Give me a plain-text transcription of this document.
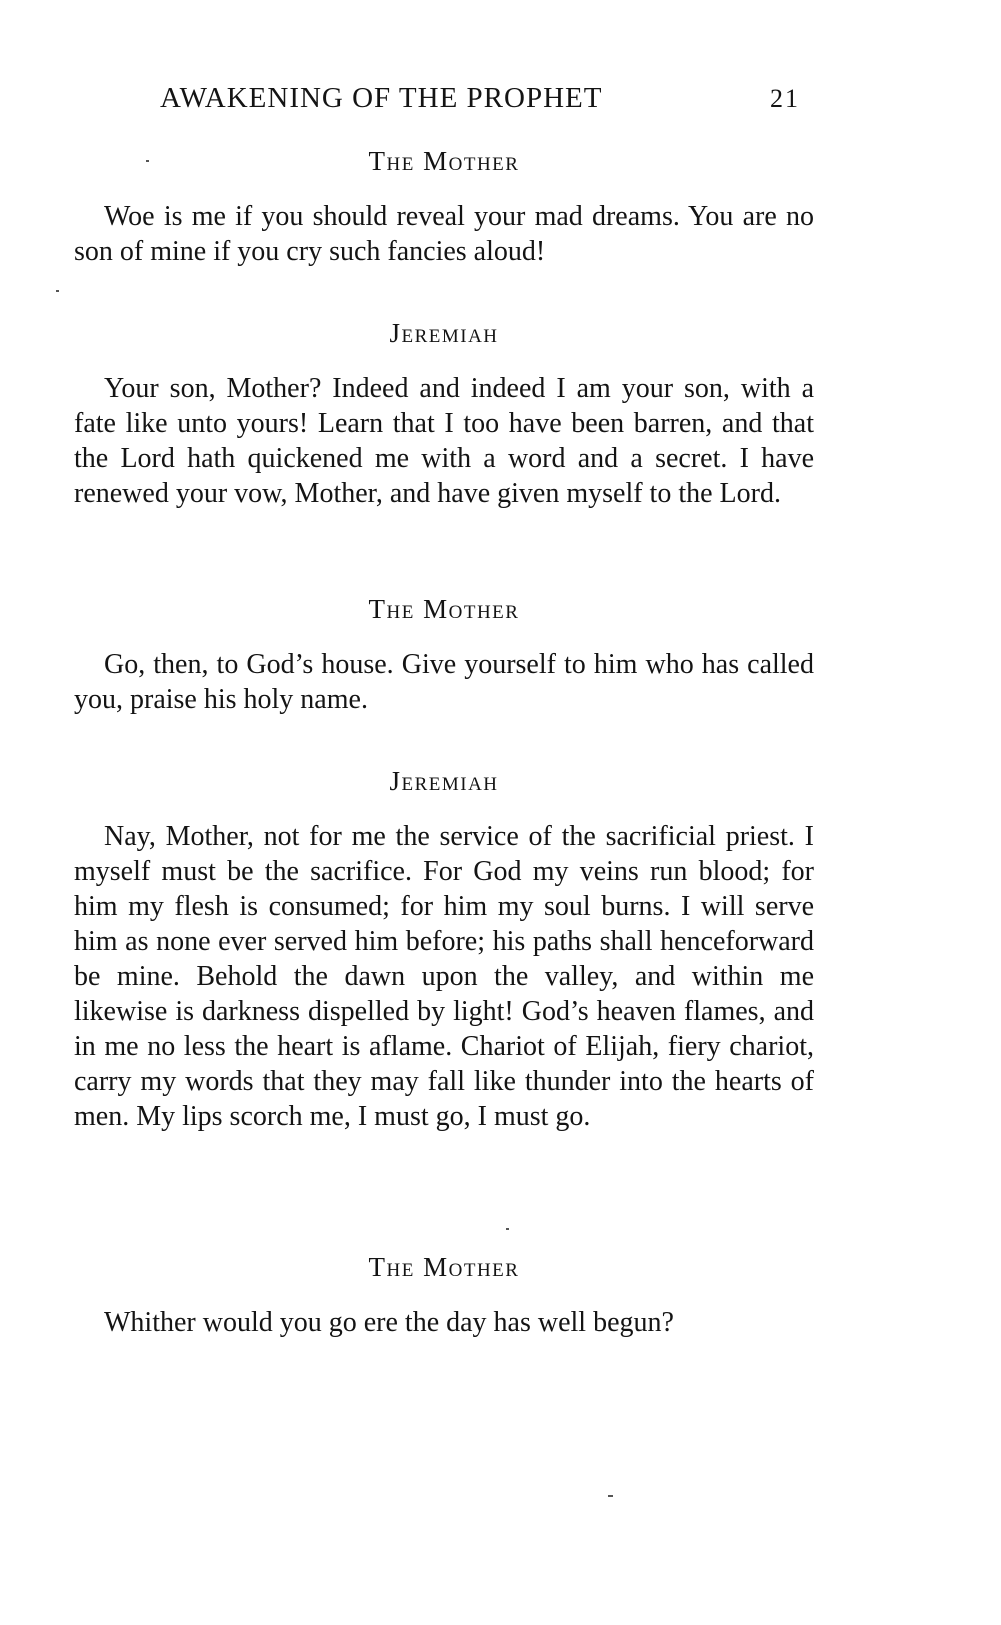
AWAKENING OF THE PROPHET	21

The Mother

Woe is me if you should reveal your mad dreams. You are no son of mine if you cry such fancies aloud!

Jeremiah

Your son, Mother? Indeed and indeed I am your son, with a fate like unto yours! Learn that I too have been barren, and that the Lord hath quickened me with a word and a secret. I have renewed your vow, Mother, and have given myself to the Lord.

The Mother

Go, then, to God’s house. Give yourself to him who has called you, praise his holy name.

Jeremiah

Nay, Mother, not for me the service of the sacrificial priest. I myself must be the sacrifice. For God my veins run blood; for him my flesh is consumed; for him my soul burns. I will serve him as none ever served him before; his paths shall henceforward be mine. Behold the dawn upon the valley, and within me likewise is darkness dispelled by light! God’s heaven flames, and in me no less the heart is aflame. Chariot of Elijah, fiery chariot, carry my words that they may fall like thunder into the hearts of men. My lips scorch me, I must go, I must go.

The Mother

Whither would you go ere the day has well begun?
